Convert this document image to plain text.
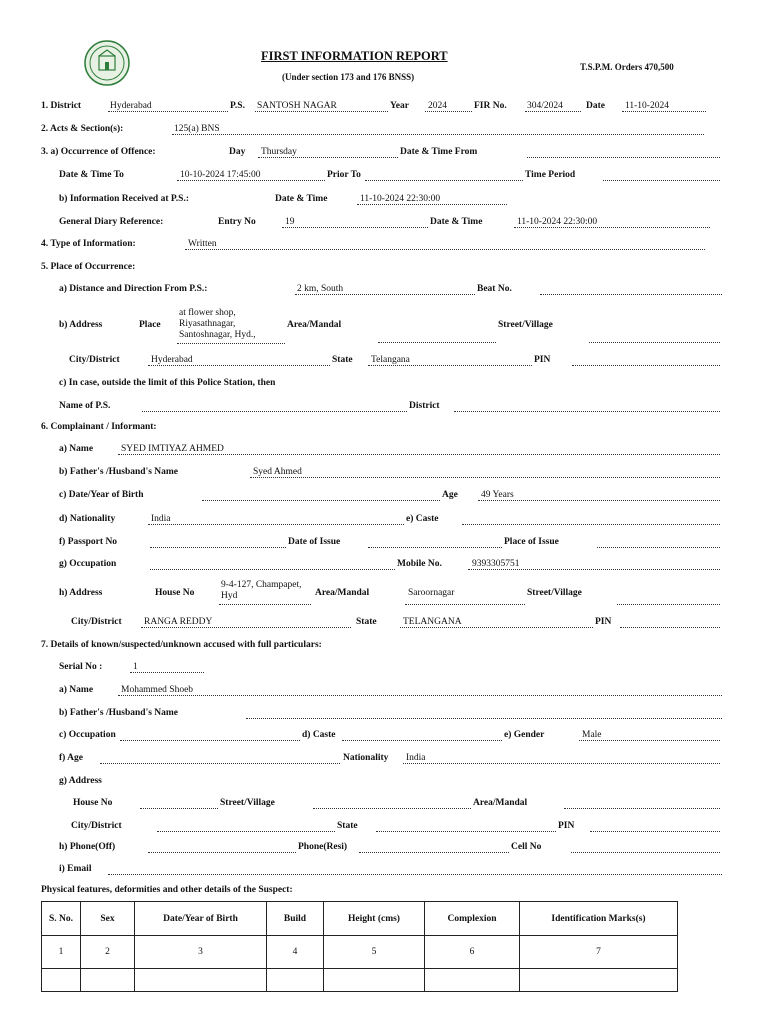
FIRST INFORMATION REPORT
(Under section 173 and 176 BNSS)
T.S.P.M. Orders 470,500
1. District	Hyderabad	P.S. SANTOSH NAGAR	Year 2024	FIR No. 304/2024 Date 11-10-2024
2. Acts & Section(s):	125(a) BNS
3. a) Occurrence of Offence:	Day Thursday	Date & Time From
Date & Time To	10-10-2024 17:45:00	Prior To	Time Period
b) Information Received at P.S.:	Date & Time	11-10-2024 22:30:00
General Diary Reference:	Entry No	19	Date & Time	11-10-2024 22:30:00
4. Type of Information:	Written
5. Place of Occurrence:
a) Distance and Direction From P.S.:	2 km, South	Beat No.
b) Address	Place
at flower shop, Riyasathnagar, Santoshnagar, Hyd.,
Area/Mandal	Street/Village
City/District	Hyderabad	State Telangana	PIN
c) In case, outside the limit of this Police Station, then
Name of P.S.	District
6. Complainant / Informant:
a) Name	SYED IMTIYAZ AHMED
b) Father's /Husband's Name	Syed Ahmed
c) Date/Year of Birth	Age 49 Years
d) Nationality	India	e) Caste
f) Passport No	Date of Issue	Place of Issue
g) Occupation	Mobile No.	9393305751
h) Address	House No
9-4-127, Champapet, Hyd	Area/Mandal	Saroornagar	Street/Village
City/District RANGA REDDY	State	TELANGANA	PIN
7. Details of known/suspected/unknown accused with full particulars:
Serial No :	1
a) Name	Mohammed Shoeb
b) Father's /Husband's Name
c) Occupation	d) Caste	e) Gender	Male
f) Age	Nationality India
g) Address
House No	Street/Village	Area/Mandal
City/District	State	PIN
h) Phone(Off)	Phone(Resi)	Cell No
i) Email
Physical features, deformities and other details of the Suspect:
S. No.	Sex	Date/Year of Birth	Build	Height (cms)	Complexion	Identification Marks(s)
1	2	3	4	5	6	7
